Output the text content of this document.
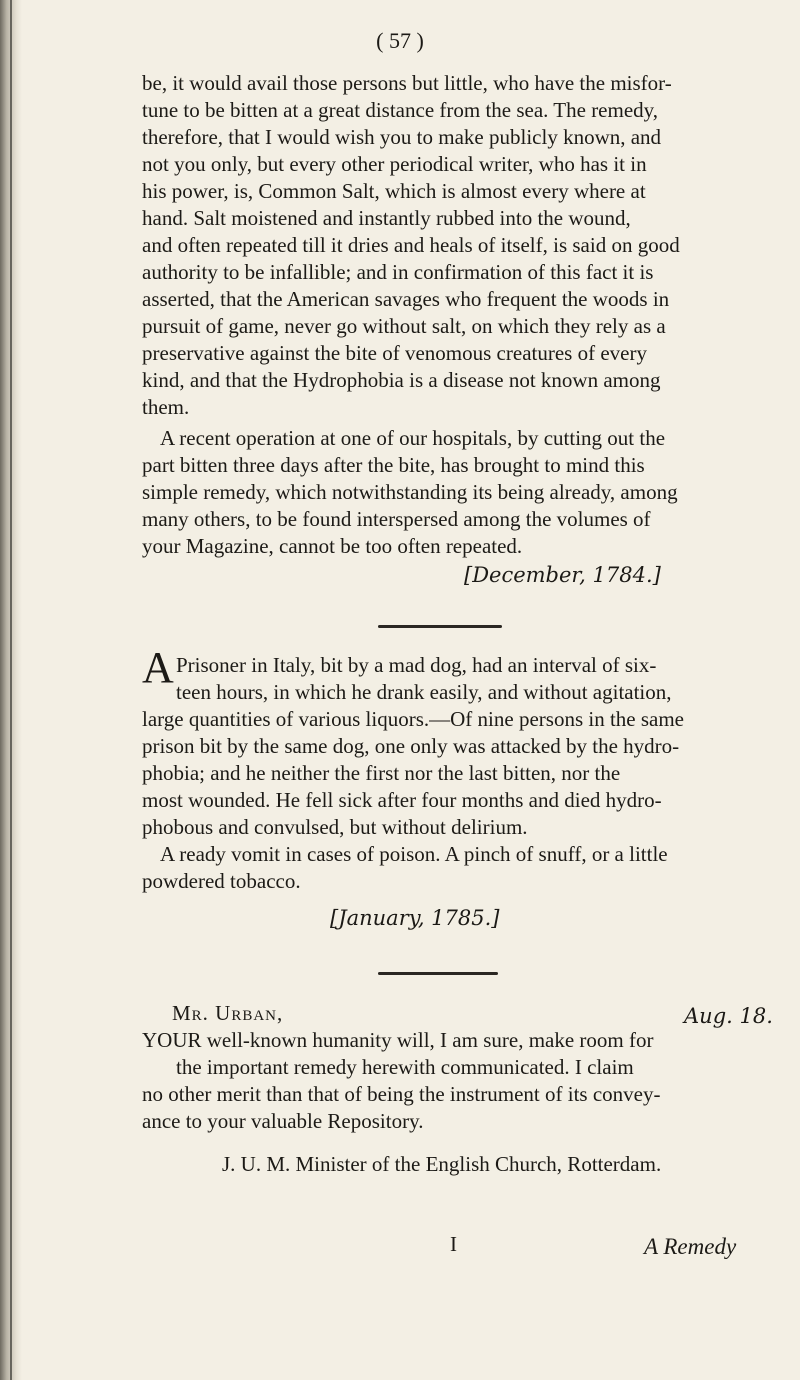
( 57 )
be, it would avail those persons but little, who have the misfor-
tune to be bitten at a great distance from the sea. The remedy,
therefore, that I would wish you to make publicly known, and
not you only, but every other periodical writer, who has it in
his power, is, Common Salt, which is almost every where at
hand. Salt moistened and instantly rubbed into the wound,
and often repeated till it dries and heals of itself, is said on good
authority to be infallible; and in confirmation of this fact it is
asserted, that the American savages who frequent the woods in
pursuit of game, never go without salt, on which they rely as a
preservative against the bite of venomous creatures of every
kind, and that the Hydrophobia is a disease not known among
them.
A recent operation at one of our hospitals, by cutting out the
part bitten three days after the bite, has brought to mind this
simple remedy, which notwithstanding its being already, among
many others, to be found interspersed among the volumes of
your Magazine, cannot be too often repeated.
[December, 1784.]
A Prisoner in Italy, bit by a mad dog, had an interval of six-
teen hours, in which he drank easily, and without agitation,
large quantities of various liquors.—Of nine persons in the same
prison bit by the same dog, one only was attacked by the hydro-
phobia; and he neither the first nor the last bitten, nor the
most wounded. He fell sick after four months and died hydro-
phobous and convulsed, but without delirium.
A ready vomit in cases of poison. A pinch of snuff, or a little
powdered tobacco.
[January, 1785.]
Mr. Urban,	Aug. 18.
YOUR well-known humanity will, I am sure, make room for
the important remedy herewith communicated. I claim
no other merit than that of being the instrument of its convey-
ance to your valuable Repository.
J. U. M. Minister of the English Church, Rotterdam.
I	A Remedy
